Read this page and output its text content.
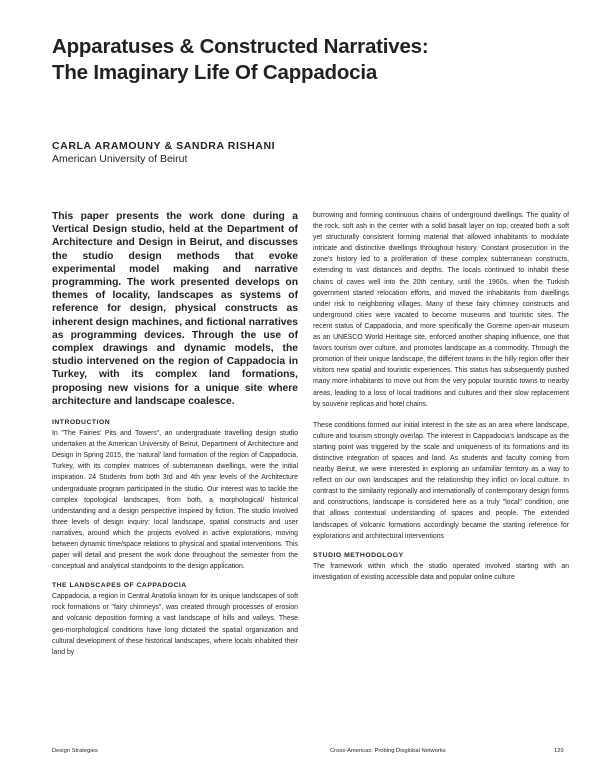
Apparatuses & Constructed Narratives:
The Imaginary Life Of Cappadocia
CARLA ARAMOUNY & SANDRA RISHANI
American University of Beirut

This paper presents the work done during a Vertical Design studio, held at the Department of Architecture and Design in Beirut, and discusses the studio design methods that evoke experimental model making and narrative programming. The work presented develops on themes of locality, landscapes as systems of reference for design, physical constructs as inherent design machines, and fictional narratives as programming devices. Through the use of complex drawings and dynamic models, the studio intervened on the region of Cappadocia in Turkey, with its complex land formations, proposing new visions for a unique site where architecture and landscape coalesce.

INTRODUCTION

In "The Fairies' Pits and Towers", an undergraduate travelling design studio undertaken at the American University of Beirut, Department of Architecture and Design in Spring 2015, the 'natural' land formation of the region of Cappadocia, Turkey, with its complex matrices of subterranean dwellings, were the initial inspiration. 24 Students from both 3rd and 4th year levels of the Architecture undergraduate program participated in the studio. Our interest was to tackle the complex topological landscapes, from both, a morphological/ historical understanding and a design perspective inspired by fiction. The studio involved three levels of design inquiry: local landscape, spatial constructs and user narratives, around which the projects evolved in active explorations, moving between dynamic time/space relations to physical and spatial interventions. This paper will detail and present the work done throughout the semester from the conceptual and analytical standpoints to the design application.

THE LANDSCAPES OF CAPPADOCIA

Cappadocia, a region in Central Anatolia known for its unique landscapes of soft rock formations or "fairy chimneys", was created through processes of erosion and volcanic deposition forming a vast landscape of hills and valleys. These geo-morphological conditions have long dictated the spatial organization and cultural development of these historical landscapes, where locals inhabited their land by

burrowing and forming continuous chains of underground dwellings. The quality of the rock, soft ash in the center with a solid basalt layer on top, created both a soft yet structurally consistent forming material that allowed inhabitants to modulate intricate and distinctive dwellings throughout history. Constant prosecution in the zone's history led to a proliferation of these complex subterranean constructs, extending to vast distances and depths. The locals continued to inhabit these chains of caves well into the 20th century, until the 1960s, when the Turkish government started relocation efforts, and moved the inhabitants from dwellings under risk to neighboring villages. Many of these fairy chimney constructs and underground cities were vacated to become museums and touristic sites. The recent status of Cappadocia, and more specifically the Goreme open-air museum as an UNESCO World Heritage site, enforced another shaping influence, one that favors tourism over culture, and promotes landscape as a commodity. Through the promotion of their unique landscape, the different towns in the hilly region offer their visitors new spatial and touristic experiences. This status has subsequently pushed many more inhabitants to move out from the very popular touristic towns to nearby areas, leading to a loss of local traditions and cultures and their slow replacement by souvenir replicas and hotel chains.

These conditions formed our initial interest in the site as an area where landscape, culture and tourism strongly overlap. The interest in Cappadocia's landscape as the starting point was triggered by the scale and uniqueness of its formations and its distinctive integration of spaces and land. As students and faculty coming from nearby Beirut, we were interested in exploring an unfamiliar territory as a way to reflect on our own landscapes and the relationship they inflict on local culture. In contrast to the similarity regionally and internationally of contemporary design forms and constructions, landscape is considered here as a truly "local" condition, one that allows contextual understanding of spaces and people. The extended landscapes of volcanic formations accordingly became the starting reference for explorations and architectural interventions

STUDIO METHODOLOGY

The framework within which the studio operated involved starting with an investigation of existing accessible data and popular online culture

Design Strategies	Cross-Americas: Probing Disglobal Networks	129
